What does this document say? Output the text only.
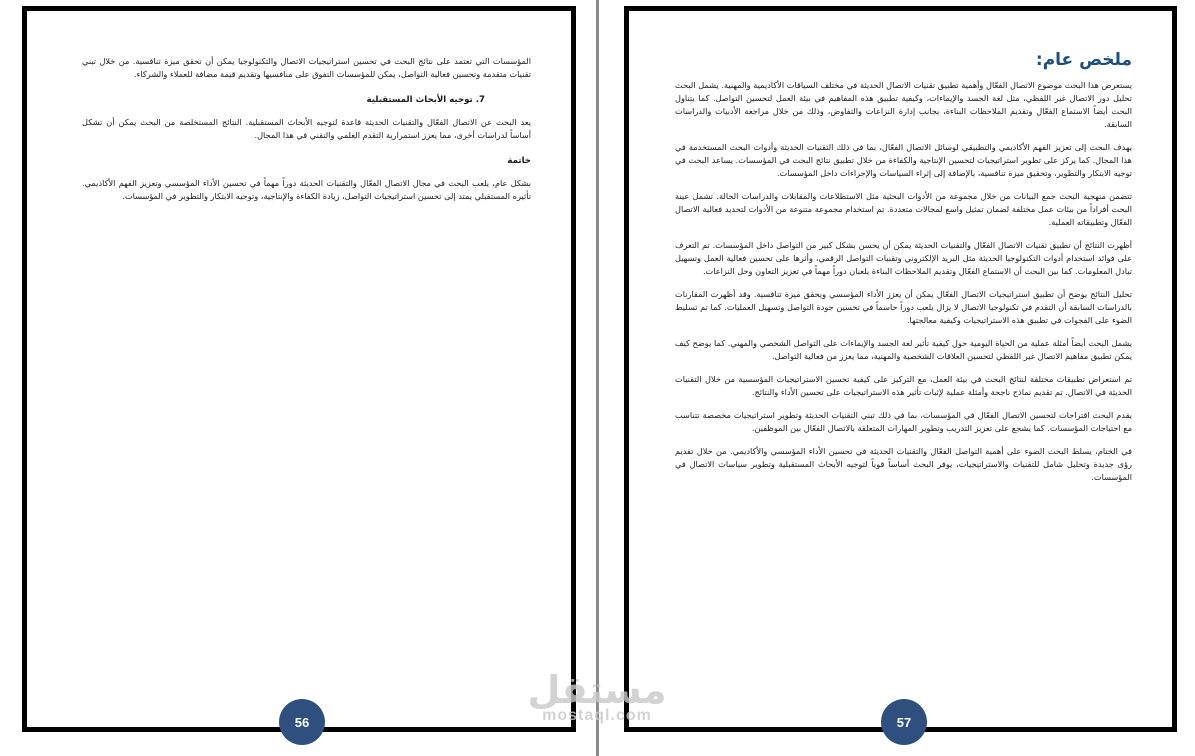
المؤسسات التي تعتمد على نتائج البحث في تحسين استراتيجيات الاتصال والتكنولوجيا يمكن أن تحقق ميزة تنافسية. من خلال تبني تقنيات متقدمة وتحسين فعالية التواصل، يمكن للمؤسسات التفوق على منافسيها وتقديم قيمة مضافة للعملاء والشركاء.

7. توجيه الأبحاث المستقبلية

يعد البحث عن الاتصال الفعّال والتقنيات الحديثة قاعدة لتوجيه الأبحاث المستقبلية. النتائج المستخلصة من البحث يمكن أن تشكل أساساً لدراسات أخرى، مما يعزز استمرارية التقدم العلمي والتقني في هذا المجال.

خاتمة

بشكل عام، يلعب البحث في مجال الاتصال الفعّال والتقنيات الحديثة دوراً مهماً في تحسين الأداء المؤسسي وتعزيز الفهم الأكاديمي. تأثيره المستقبلي يمتد إلى تحسين استراتيجيات التواصل، زيادة الكفاءة والإنتاجية، وتوجيه الابتكار والتطوير في المؤسسات.

56
ملخص عام:

يستعرض هذا البحث موضوع الاتصال الفعّال وأهمية تطبيق تقنيات الاتصال الحديثة في مختلف السياقات الأكاديمية والمهنية. يشمل البحث تحليل دور الاتصال غير اللفظي، مثل لغة الجسد والإيماءات، وكيفية تطبيق هذه المفاهيم في بيئة العمل لتحسين التواصل. كما يتناول البحث أيضاً الاستماع الفعّال وتقديم الملاحظات البناءة، بجانب إدارة النزاعات والتفاوض، وذلك من خلال مراجعة الأدبيات والدراسات السابقة.

يهدف البحث إلى تعزيز الفهم الأكاديمي والتطبيقي لوسائل الاتصال الفعّال، بما في ذلك التقنيات الحديثة وأدوات البحث المستخدمة في هذا المجال. كما يركز على تطوير استراتيجيات لتحسين الإنتاجية والكفاءة من خلال تطبيق نتائج البحث في المؤسسات. يساعد البحث في توجيه الابتكار والتطوير، وتحقيق ميزة تنافسية، بالإضافة إلى إثراء السياسات والإجراءات داخل المؤسسات.

تتضمن منهجية البحث جمع البيانات من خلال مجموعة من الأدوات البحثية مثل الاستطلاعات والمقابلات والدراسات الحالة. تشمل عينة البحث أفراداً من بيئات عمل مختلفة لضمان تمثيل واسع لمجالات متعددة. تم استخدام مجموعة متنوعة من الأدوات لتحديد فعالية الاتصال الفعّال وتطبيقاته العملية.

أظهرت النتائج أن تطبيق تقنيات الاتصال الفعّال والتقنيات الحديثة يمكن أن يحسن بشكل كبير من التواصل داخل المؤسسات. تم التعرف على فوائد استخدام أدوات التكنولوجيا الحديثة مثل البريد الإلكتروني وتقنيات التواصل الرقمي، وأثرها على تحسين فعالية العمل وتسهيل تبادل المعلومات. كما بين البحث أن الاستماع الفعّال وتقديم الملاحظات البناءة يلعبان دوراً مهماً في تعزيز التعاون وحل النزاعات.

تحليل النتائج يوضح أن تطبيق استراتيجيات الاتصال الفعّال يمكن أن يعزز الأداء المؤسسي ويحقق ميزة تنافسية. وقد أظهرت المقارنات بالدراسات السابقة أن التقدم في تكنولوجيا الاتصال لا يزال يلعب دوراً حاسماً في تحسين جودة التواصل وتسهيل العمليات. كما تم تسليط الضوء على الفجوات في تطبيق هذه الاستراتيجيات وكيفية معالجتها.

يشمل البحث أيضاً أمثلة عملية من الحياة اليومية حول كيفية تأثير لغة الجسد والإيماءات على التواصل الشخصي والمهني. كما يوضح كيف يمكن تطبيق مفاهيم الاتصال غير اللفظي لتحسين العلاقات الشخصية والمهنية، مما يعزز من فعالية التواصل.

تم استعراض تطبيقات مختلفة لنتائج البحث في بيئة العمل، مع التركيز على كيفية تحسين الاستراتيجيات المؤسسية من خلال التقنيات الحديثة في الاتصال. تم تقديم نماذج ناجحة وأمثلة عملية لإثبات تأثير هذه الاستراتيجيات على تحسين الأداء والنتائج.

يقدم البحث اقتراحات لتحسين الاتصال الفعّال في المؤسسات، بما في ذلك تبني التقنيات الحديثة وتطوير استراتيجيات مخصصة تتناسب مع احتياجات المؤسسات. كما يشجع على تعزيز التدريب وتطوير المهارات المتعلقة بالاتصال الفعّال بين الموظفين.

في الختام، يسلط البحث الضوء على أهمية التواصل الفعّال والتقنيات الحديثة في تحسين الأداء المؤسسي والأكاديمي. من خلال تقديم رؤى جديدة وتحليل شامل للتقنيات والاستراتيجيات، يوفر البحث أساساً قوياً لتوجيه الأبحاث المستقبلية وتطوير سياسات الاتصال في المؤسسات.

57
مستقل
mostaql.com
